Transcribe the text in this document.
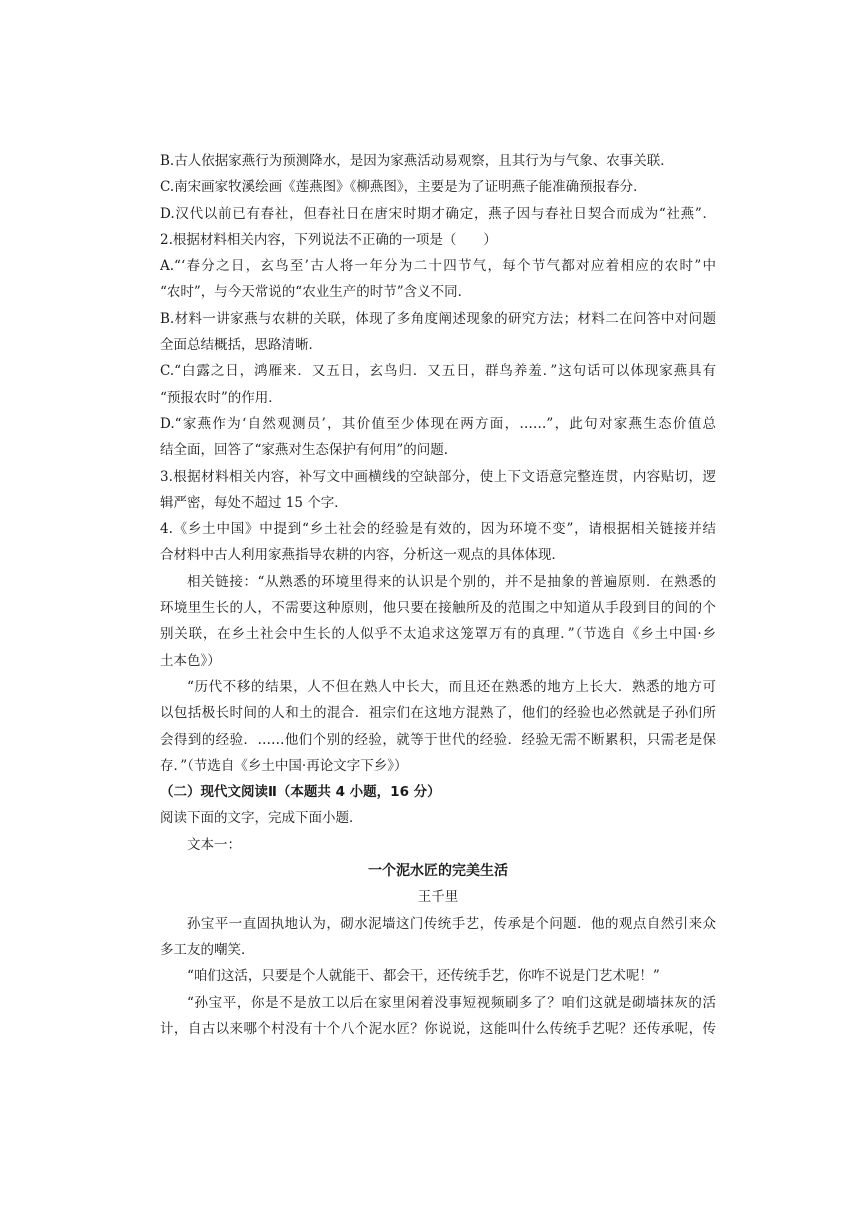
B.古人依据家燕行为预测降水，是因为家燕活动易观察，且其行为与气象、农事关联．
C.南宋画家牧溪绘画《莲燕图》《柳燕图》，主要是为了证明燕子能准确预报春分．
D.汉代以前已有春社，但春社日在唐宋时期才确定，燕子因与春社日契合而成为“社燕”．
2.根据材料相关内容，下列说法不正确的一项是（　　）
A.“‘春分之日，玄鸟至’古人将一年分为二十四节气，每个节气都对应着相应的农时”中
“农时”，与今天常说的“农业生产的时节”含义不同．
B.材料一讲家燕与农耕的关联，体现了多角度阐述现象的研究方法；材料二在问答中对问题
全面总结概括，思路清晰．
C.“白露之日，鸿雁来．又五日，玄鸟归．又五日，群鸟养羞．”这句话可以体现家燕具有
“预报农时”的作用．
D.“家燕作为‘自然观测员’，其价值至少体现在两方面，……”，此句对家燕生态价值总
结全面，回答了“家燕对生态保护有何用”的问题．
3.根据材料相关内容，补写文中画横线的空缺部分，使上下文语意完整连贯，内容贴切，逻
辑严密，每处不超过 15 个字．
4.《乡土中国》中提到“乡土社会的经验是有效的，因为环境不变”，请根据相关链接并结
合材料中古人利用家燕指导农耕的内容，分析这一观点的具体体现．
相关链接：“从熟悉的环境里得来的认识是个别的，并不是抽象的普遍原则．在熟悉的
环境里生长的人，不需要这种原则，他只要在接触所及的范围之中知道从手段到目的间的个
别关联，在乡土社会中生长的人似乎不太追求这笼罩万有的真理．”（节选自《乡土中国·乡
土本色》）
“历代不移的结果，人不但在熟人中长大，而且还在熟悉的地方上长大．熟悉的地方可
以包括极长时间的人和土的混合．祖宗们在这地方混熟了，他们的经验也必然就是子孙们所
会得到的经验．……他们个别的经验，就等于世代的经验．经验无需不断累积，只需老是保
存．”（节选自《乡土中国·再论文字下乡》）
（二）现代文阅读Ⅱ（本题共 4 小题，16 分）
阅读下面的文字，完成下面小题．
文本一：
一个泥水匠的完美生活
王千里
孙宝平一直固执地认为，砌水泥墙这门传统手艺，传承是个问题．他的观点自然引来众
多工友的嘲笑．
“咱们这活，只要是个人就能干、都会干，还传统手艺，你咋不说是门艺术呢！”
“孙宝平，你是不是放工以后在家里闲着没事短视频刷多了？咱们这就是砌墙抹灰的活
计，自古以来哪个村没有十个八个泥水匠？你说说，这能叫什么传统手艺呢？还传承呢，传
